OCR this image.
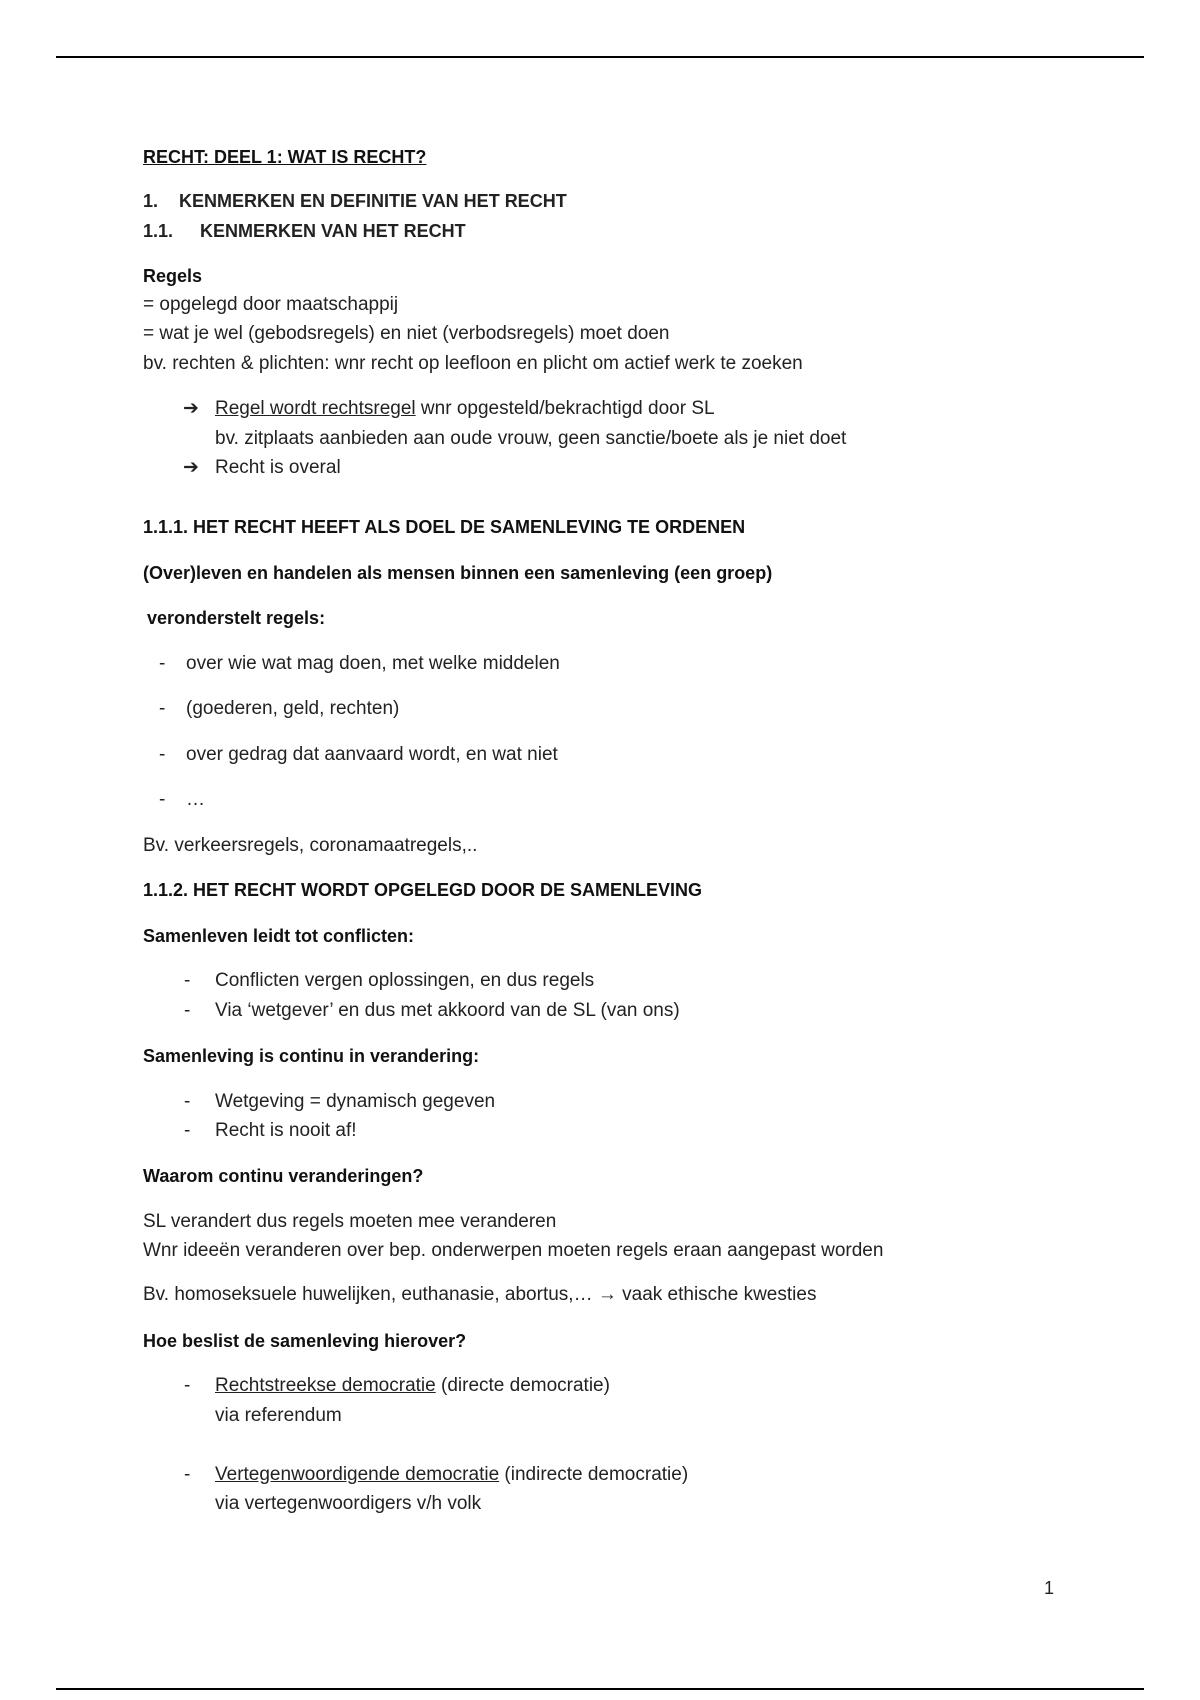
RECHT: DEEL 1: WAT IS RECHT?
1. KENMERKEN EN DEFINITIE VAN HET RECHT
1.1. KENMERKEN VAN HET RECHT
Regels
= opgelegd door maatschappij
= wat je wel (gebodsregels) en niet (verbodsregels) moet doen
bv. rechten & plichten: wnr recht op leefloon en plicht om actief werk te zoeken
➔ Regel wordt rechtsregel wnr opgesteld/bekrachtigd door SL
bv. zitplaats aanbieden aan oude vrouw, geen sanctie/boete als je niet doet
➔ Recht is overal
1.1.1. HET RECHT HEEFT ALS DOEL DE SAMENLEVING TE ORDENEN
(Over)leven en handelen als mensen binnen een samenleving (een groep)
veronderstelt regels:
- over wie wat mag doen, met welke middelen
- (goederen, geld, rechten)
- over gedrag dat aanvaard wordt, en wat niet
- …
Bv. verkeersregels, coronamaatregels,..
1.1.2. HET RECHT WORDT OPGELEGD DOOR DE SAMENLEVING
Samenleven leidt tot conflicten:
- Conflicten vergen oplossingen, en dus regels
- Via ‘wetgever’ en dus met akkoord van de SL (van ons)
Samenleving is continu in verandering:
- Wetgeving = dynamisch gegeven
- Recht is nooit af!
Waarom continu veranderingen?
SL verandert dus regels moeten mee veranderen
Wnr ideeën veranderen over bep. onderwerpen moeten regels eraan aangepast worden
Bv. homoseksuele huwelijken, euthanasie, abortus,… → vaak ethische kwesties
Hoe beslist de samenleving hierover?
- Rechtstreekse democratie (directe democratie)
via referendum
- Vertegenwoordigende democratie (indirecte democratie)
via vertegenwoordigers v/h volk
1
